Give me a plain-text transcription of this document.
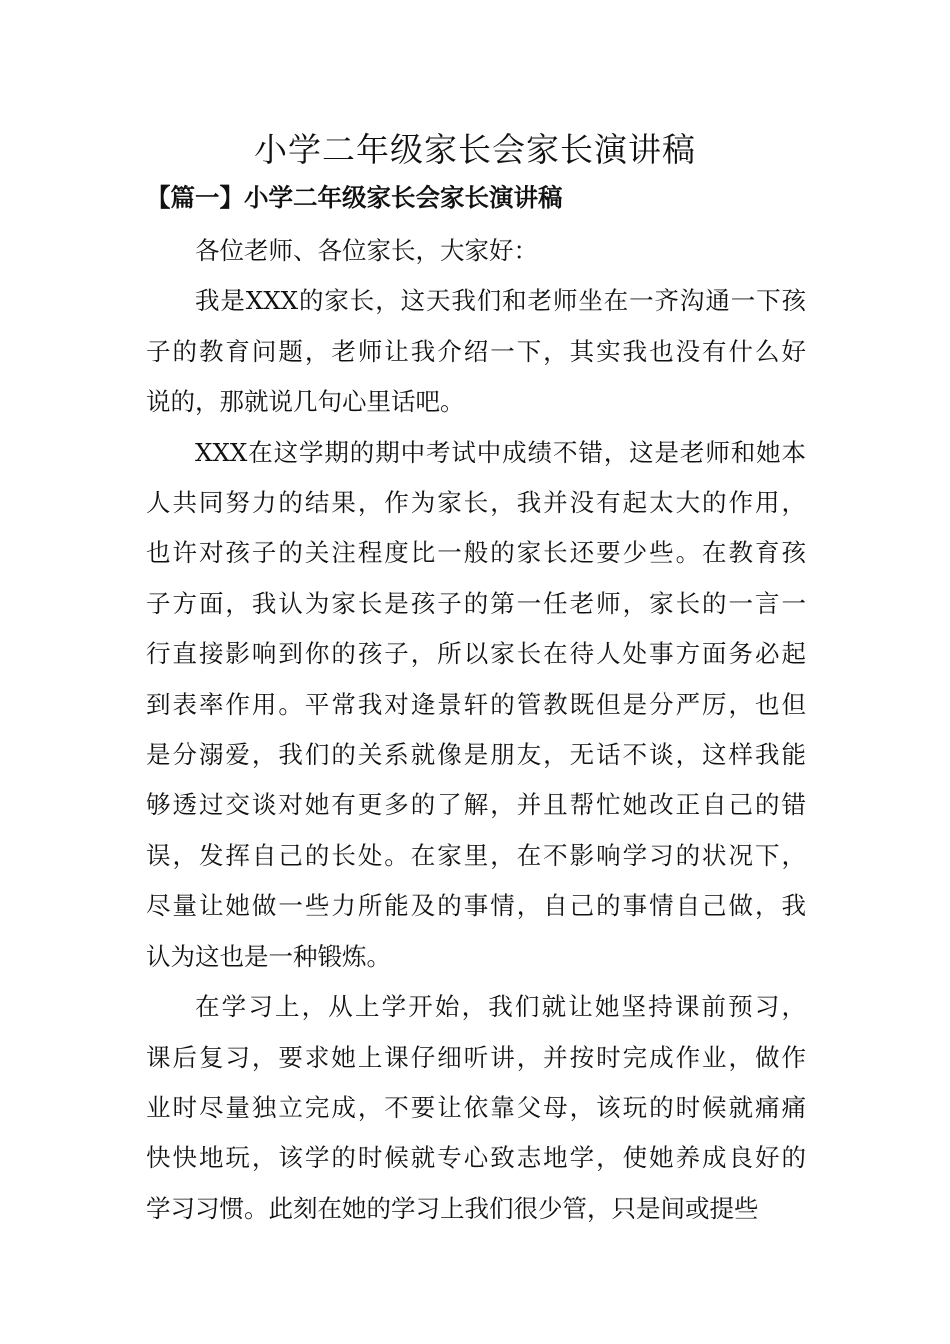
小学二年级家长会家长演讲稿
【篇一】小学二年级家长会家长演讲稿
各位老师、各位家长，大家好：
我是XXX的家长，这天我们和老师坐在一齐沟通一下孩
子的教育问题，老师让我介绍一下，其实我也没有什么好
说的，那就说几句心里话吧。
XXX在这学期的期中考试中成绩不错，这是老师和她本
人共同努力的结果，作为家长，我并没有起太大的作用，
也许对孩子的关注程度比一般的家长还要少些。在教育孩
子方面，我认为家长是孩子的第一任老师，家长的一言一
行直接影响到你的孩子，所以家长在待人处事方面务必起
到表率作用。平常我对逄景轩的管教既但是分严厉，也但
是分溺爱，我们的关系就像是朋友，无话不谈，这样我能
够透过交谈对她有更多的了解，并且帮忙她改正自己的错
误，发挥自己的长处。在家里，在不影响学习的状况下，
尽量让她做一些力所能及的事情，自己的事情自己做，我
认为这也是一种锻炼。
在学习上，从上学开始，我们就让她坚持课前预习，
课后复习，要求她上课仔细听讲，并按时完成作业，做作
业时尽量独立完成，不要让依靠父母，该玩的时候就痛痛
快快地玩，该学的时候就专心致志地学，使她养成良好的
学习习惯。此刻在她的学习上我们很少管，只是间或提些
